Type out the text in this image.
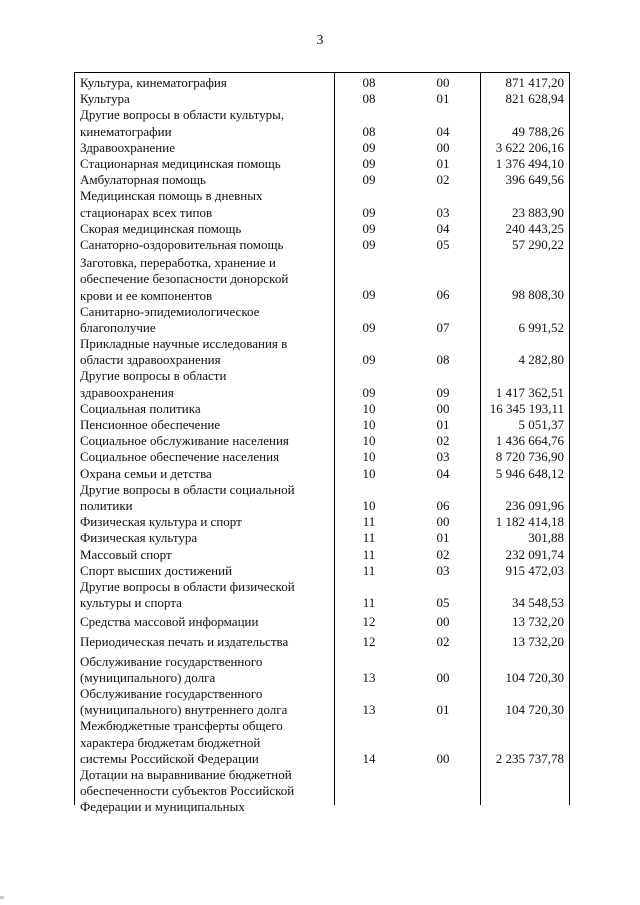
3
Культура, кинематография	08	00	871 417,20
Культура	08	01	821 628,94
Другие вопросы в области культуры,
кинематографии	08	04	49 788,26
Здравоохранение	09	00	3 622 206,16
Стационарная медицинская помощь	09	01	1 376 494,10
Амбулаторная помощь	09	02	396 649,56
Медицинская помощь в дневных
стационарах всех типов	09	03	23 883,90
Скорая медицинская помощь	09	04	240 443,25
Санаторно-оздоровительная помощь	09	05	57 290,22
Заготовка, переработка, хранение и
обеспечение безопасности донорской
крови и ее компонентов	09	06	98 808,30
Санитарно-эпидемиологическое
благополучие	09	07	6 991,52
Прикладные научные исследования в
области здравоохранения	09	08	4 282,80
Другие вопросы в области
здравоохранения	09	09	1 417 362,51
Социальная политика	10	00	16 345 193,11
Пенсионное обеспечение	10	01	5 051,37
Социальное обслуживание населения	10	02	1 436 664,76
Социальное обеспечение населения	10	03	8 720 736,90
Охрана семьи и детства	10	04	5 946 648,12
Другие вопросы в области социальной
политики	10	06	236 091,96
Физическая культура и спорт	11	00	1 182 414,18
Физическая культура	11	01	301,88
Массовый спорт	11	02	232 091,74
Спорт высших достижений	11	03	915 472,03
Другие вопросы в области физической
культуры и спорта	11	05	34 548,53
Средства массовой информации	12	00	13 732,20
Периодическая печать и издательства	12	02	13 732,20
Обслуживание государственного
(муниципального) долга	13	00	104 720,30
Обслуживание государственного
(муниципального) внутреннего долга	13	01	104 720,30
Межбюджетные трансферты общего
характера бюджетам бюджетной
системы Российской Федерации	14	00	2 235 737,78
Дотации на выравнивание бюджетной
обеспеченности субъектов Российской
Федерации и муниципальных
